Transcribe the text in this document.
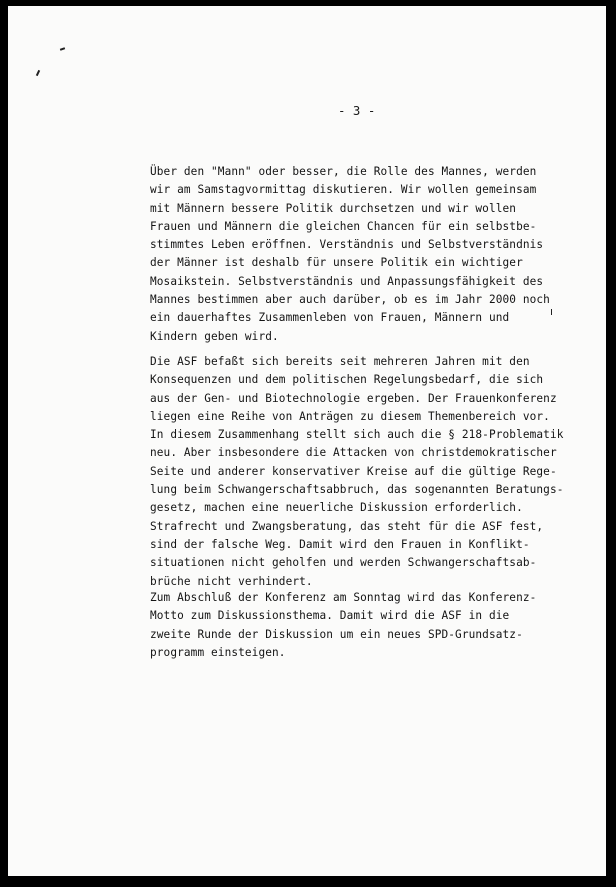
- 3 -

Über den "Mann" oder besser, die Rolle des Mannes, werden
wir am Samstagvormittag diskutieren. Wir wollen gemeinsam
mit Männern bessere Politik durchsetzen und wir wollen
Frauen und Männern die gleichen Chancen für ein selbstbe-
stimmtes Leben eröffnen. Verständnis und Selbstverständnis
der Männer ist deshalb für unsere Politik ein wichtiger
Mosaikstein. Selbstverständnis und Anpassungsfähigkeit des
Mannes bestimmen aber auch darüber, ob es im Jahr 2000 noch
ein dauerhaftes Zusammenleben von Frauen, Männern und
Kindern geben wird.

Die ASF befaßt sich bereits seit mehreren Jahren mit den
Konsequenzen und dem politischen Regelungsbedarf, die sich
aus der Gen- und Biotechnologie ergeben. Der Frauenkonferenz
liegen eine Reihe von Anträgen zu diesem Themenbereich vor.
In diesem Zusammenhang stellt sich auch die § 218-Problematik
neu. Aber insbesondere die Attacken von christdemokratischer
Seite und anderer konservativer Kreise auf die gültige Rege-
lung beim Schwangerschaftsabbruch, das sogenannten Beratungs-
gesetz, machen eine neuerliche Diskussion erforderlich.
Strafrecht und Zwangsberatung, das steht für die ASF fest,
sind der falsche Weg. Damit wird den Frauen in Konflikt-
situationen nicht geholfen und werden Schwangerschaftsab-
brüche nicht verhindert.

Zum Abschluß der Konferenz am Sonntag wird das Konferenz-
Motto zum Diskussionsthema. Damit wird die ASF in die
zweite Runde der Diskussion um ein neues SPD-Grundsatz-
programm einsteigen.
